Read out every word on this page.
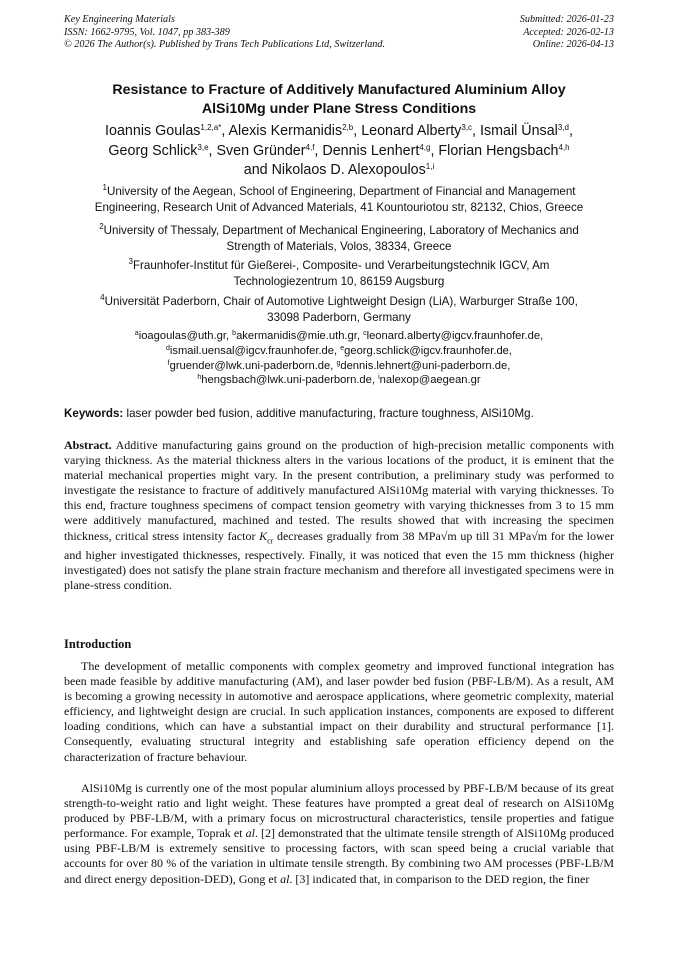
Key Engineering Materials
ISSN: 1662-9795, Vol. 1047, pp 383-389
© 2026 The Author(s). Published by Trans Tech Publications Ltd, Switzerland.
Submitted: 2026-01-23
Accepted: 2026-02-13
Online: 2026-04-13
Resistance to Fracture of Additively Manufactured Aluminium Alloy
AlSi10Mg under Plane Stress Conditions
Ioannis Goulas$^{1,2,a*}$, Alexis Kermanidis$^{2,b}$, Leonard Alberty$^{3,c}$, Ismail Ünsal$^{3,d}$,
Georg Schlick$^{3,e}$, Sven Gründer$^{4,f}$, Dennis Lenhert$^{4,g}$, Florian Hengsbach$^{4,h}$
and Nikolaos D. Alexopoulos$^{1,i}$
$^1$University of the Aegean, School of Engineering, Department of Financial and Management
Engineering, Research Unit of Advanced Materials, 41 Kountouriotou str, 82132, Chios, Greece
$^2$University of Thessaly, Department of Mechanical Engineering, Laboratory of Mechanics and
Strength of Materials, Volos, 38334, Greece
$^3$Fraunhofer-Institut für Gießerei-, Composite- und Verarbeitungstechnik IGCV, Am
Technologiezentrum 10, 86159 Augsburg
$^4$Universität Paderborn, Chair of Automotive Lightweight Design (LiA), Warburger Straße 100,
33098 Paderborn, Germany
$^a$ioagoulas@uth.gr, $^b$akermanidis@mie.uth.gr, $^c$leonard.alberty@igcv.fraunhofer.de,
$^d$ismail.uensal@igcv.fraunhofer.de, $^e$georg.schlick@igcv.fraunhofer.de,
$^f$gruender@lwk.uni-paderborn.de, $^g$dennis.lehnert@uni-paderborn.de,
$^h$hengsbach@lwk.uni-paderborn.de, $^i$nalexop@aegean.gr
Keywords: laser powder bed fusion, additive manufacturing, fracture toughness, AlSi10Mg.

Abstract. Additive manufacturing gains ground on the production of high-precision metallic components with varying thickness. As the material thickness alters in the various locations of the product, it is eminent that the material mechanical properties might vary. In the present contribution, a preliminary study was performed to investigate the resistance to fracture of additively manufactured AlSi10Mg material with varying thicknesses. To this end, fracture toughness specimens of compact tension geometry with varying thicknesses from 3 to 15 mm were additively manufactured, machined and tested. The results showed that with increasing the specimen thickness, critical stress intensity factor $K_{cr}$ decreases gradually from 38 MPa√m up till 31 MPa√m for the lower and higher investigated thicknesses, respectively. Finally, it was noticed that even the 15 mm thickness (higher investigated) does not satisfy the plane strain fracture mechanism and therefore all investigated specimens were in plane-stress condition.

Introduction

The development of metallic components with complex geometry and improved functional integration has been made feasible by additive manufacturing (AM), and laser powder bed fusion (PBF-LB/M). As a result, AM is becoming a growing necessity in automotive and aerospace applications, where geometric complexity, material efficiency, and lightweight design are crucial. In such application instances, components are exposed to different loading conditions, which can have a substantial impact on their durability and structural performance [1]. Consequently, evaluating structural integrity and establishing safe operation efficiency depend on the characterization of fracture behaviour.

AlSi10Mg is currently one of the most popular aluminium alloys processed by PBF-LB/M because of its great strength-to-weight ratio and light weight. These features have prompted a great deal of research on AlSi10Mg produced by PBF-LB/M, with a primary focus on microstructural characteristics, tensile properties and fatigue performance. For example, Toprak et al. [2] demonstrated that the ultimate tensile strength of AlSi10Mg produced using PBF-LB/M is extremely sensitive to processing factors, with scan speed being a crucial variable that accounts for over 80 % of the variation in ultimate tensile strength. By combining two AM processes (PBF-LB/M and direct energy deposition-DED), Gong et al. [3] indicated that, in comparison to the DED region, the finer
